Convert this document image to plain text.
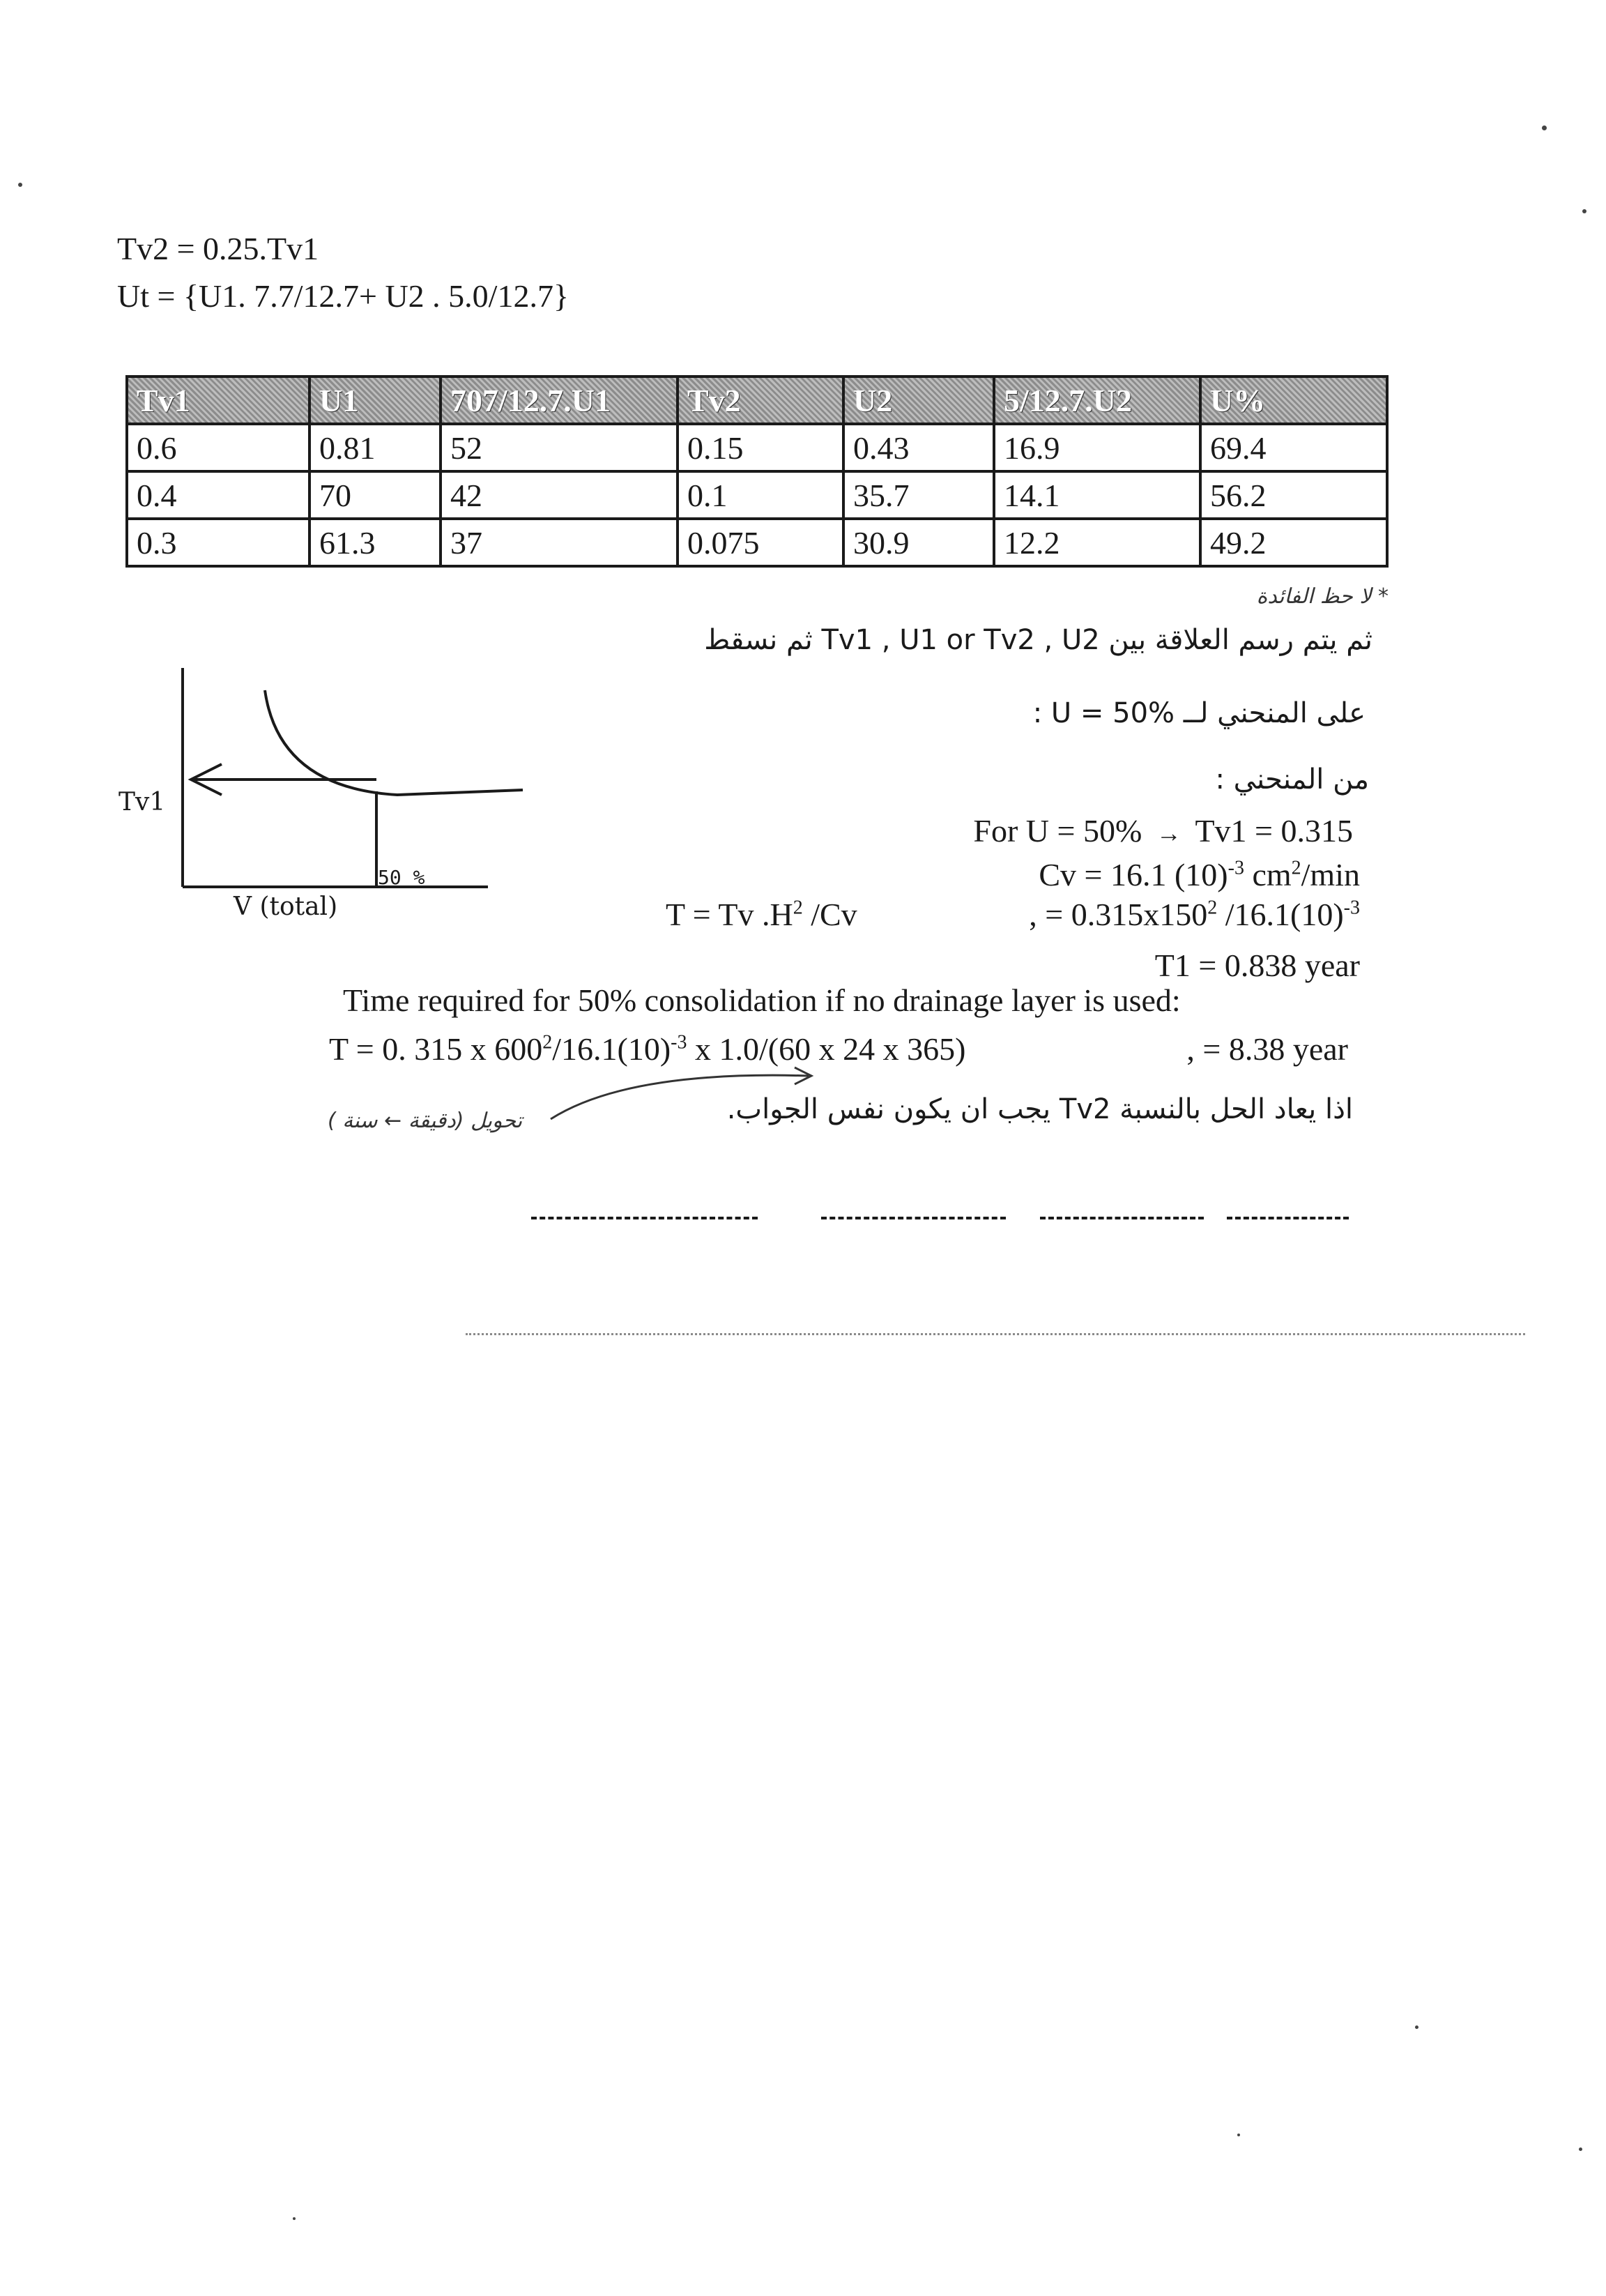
Tv2 = 0.25.Tv1
Ut = {U1. 7.7/12.7+ U2 . 5.0/12.7}
Tv1	U1	707/12.7.U1	Tv2	U2	5/12.7.U2	U%
0.6	0.81	52	0.15	0.43	16.9	69.4
0.4	70	42	0.1	35.7	14.1	56.2
0.3	61.3	37	0.075	30.9	12.2	49.2
* لا حظ الفائدة
ثم يتم رسم العلاقة بين Tv1 , U1 or Tv2 , U2 ثم نسقط
على المنحني لــ U = 50% :
من المنحني :
50 %
Tv1
V (total)
For U = 50%  →  Tv1 = 0.315
Cv = 16.1 $(10)^{-3}$ $cm^2/\min$
T = Tv $.H^2$ /Cv	, = $0.315x150^2$ $/16.1(10)^{-3}$
T1 = 0.838 year
Time required for 50% consolidation if no drainage layer is used:
T = 0. 315 x $600^2/16.1(10)^{-3}$ x 1.0/(60 x 24 x 365)	, = 8.38 year
اذا يعاد الحل بالنسبة Tv2 يجب ان يكون نفس الجواب.
تحويل (دقيقة ← سنة )
